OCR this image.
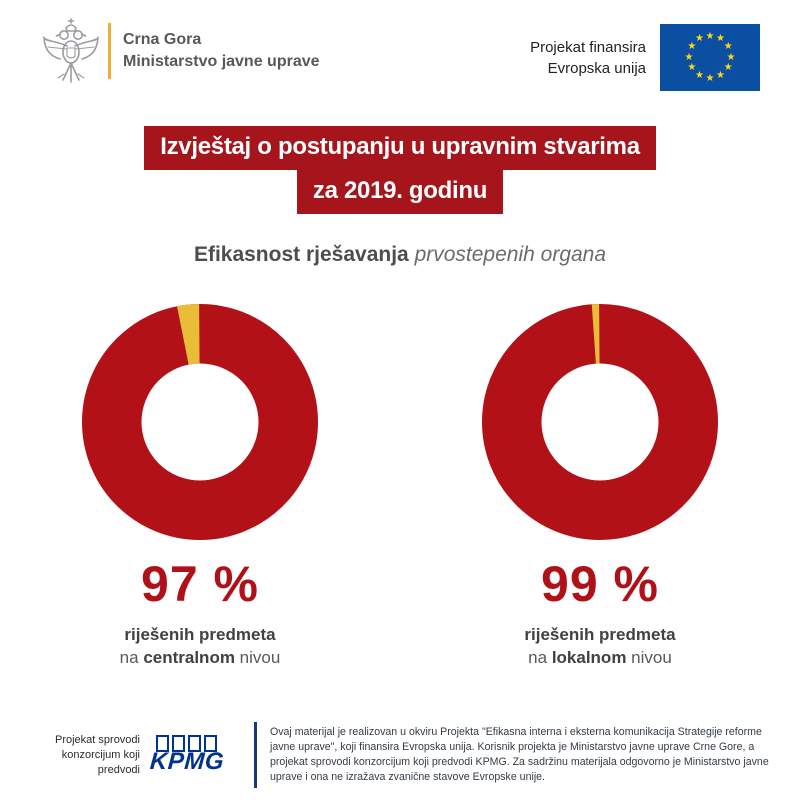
Crna Gora
Ministarstvo javne uprave
Projekat finansira
Evropska unija
★ ★
★
★
★
★
★
★
★
★
★
★
Izvještaj o postupanju u upravnim stvarima
za 2019. godinu
Efikasnost rješavanja prvostepenih organa
97 %
riješenih predmeta
na centralnom nivou
99 %
riješenih predmeta
na lokalnom nivou
Projekat sprovodi
konzorcijum koji predvodi KPMG
Ovaj materijal je realizovan u okviru Projekta "Efikasna interna i eksterna komunikacija Strategije reforme javne uprave", koji finansira Evropska unija. Korisnik projekta je Ministarstvo javne uprave Crne Gore, a projekat sprovodi konzorcijum koji predvodi KPMG. Za sadržinu materijala odgovorno je Ministarstvo javne uprave i ona ne izražava zvanične stavove Evropske unije.
